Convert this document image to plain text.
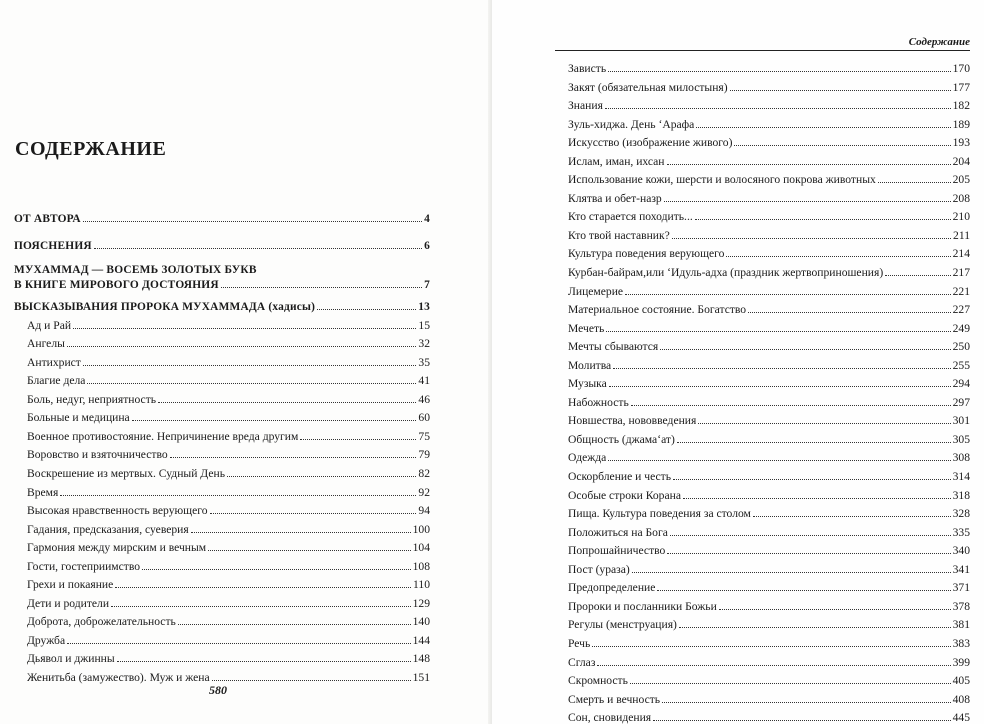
СОДЕРЖАНИЕ
ОТ АВТОРА	4
ПОЯСНЕНИЯ	6
МУХАММАД — ВОСЕМЬ ЗОЛОТЫХ БУКВ
В КНИГЕ МИРОВОГО ДОСТОЯНИЯ	7
ВЫСКАЗЫВАНИЯ ПРОРОКА МУХАММАДА (хадисы)	13
Ад и Рай	15
Ангелы	32
Антихрист	35
Благие дела	41
Боль, недуг, неприятность	46
Больные и медицина	60
Военное противостояние. Непричинение вреда другим	75
Воровство и взяточничество	79
Воскрешение из мертвых. Судный День	82
Время	92
Высокая нравственность верующего	94
Гадания, предсказания, суеверия	100
Гармония между мирским и вечным	104
Гости, гостеприимство	108
Грехи и покаяние	110
Дети и родители	129
Доброта, доброжелательность	140
Дружба	144
Дьявол и джинны	148
Женитьба (замужество). Муж и жена	151
580
Содержание
Зависть	170
Закят (обязательная милостыня)	177
Знания	182
Зуль-хиджа. День ‘Арафа	189
Искусство (изображение живого)	193
Ислам, иман, ихсан	204
Использование кожи, шерсти и волосяного покрова животных	205
Клятва и обет-назр	208
Кто старается походить...	210
Кто твой наставник?	211
Культура поведения верующего	214
Курбан-байрам,или ‘Идуль-адха (праздник жертвоприношения)	217
Лицемерие	221
Материальное состояние. Богатство	227
Мечеть	249
Мечты сбываются	250
Молитва	255
Музыка	294
Набожность	297
Новшества, нововведения	301
Общность (джама‘ат)	305
Одежда	308
Оскорбление и честь	314
Особые строки Корана	318
Пища. Культура поведения за столом	328
Положиться на Бога	335
Попрошайничество	340
Пост (ураза)	341
Предопределение	371
Пророки и посланники Божьи	378
Регулы (менструация)	381
Речь	383
Сглаз	399
Скромность	405
Смерть и вечность	408
Сон, сновидения	445
